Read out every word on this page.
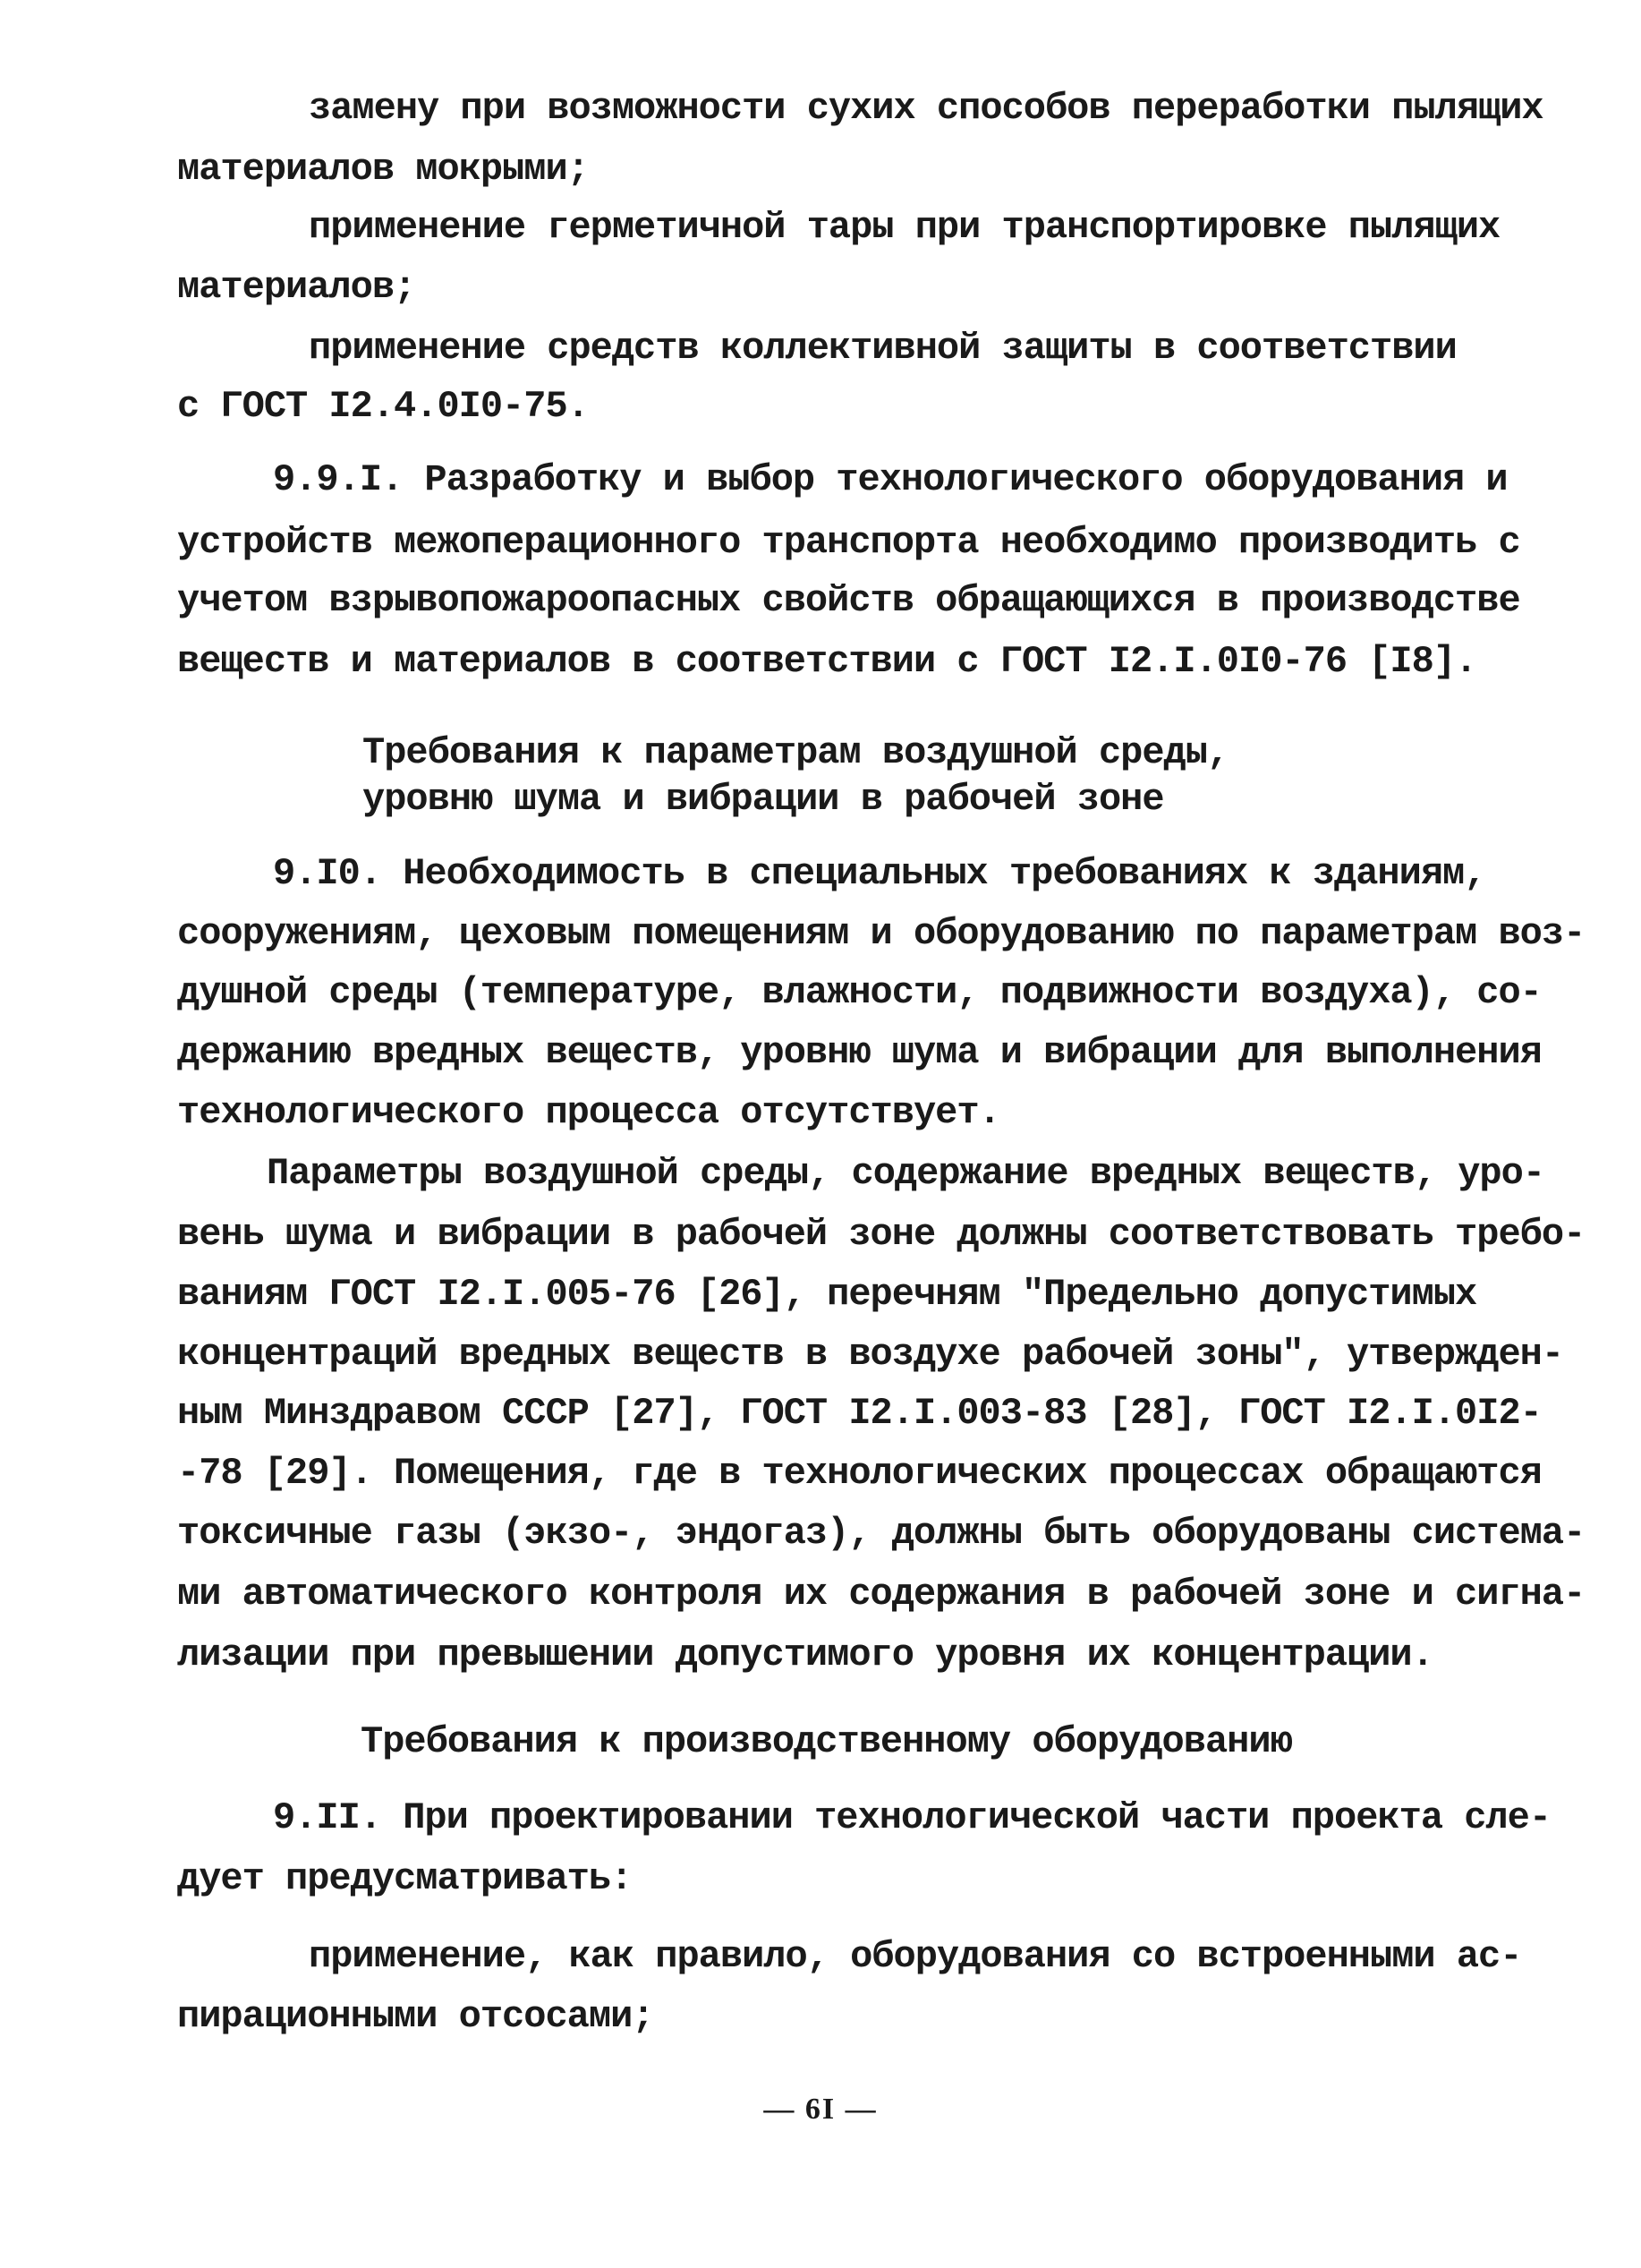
замену при возможности сухих способов переработки пылящих
материалов мокрыми;
применение герметичной тары при транспортировке пылящих
материалов;
применение средств коллективной защиты в соответствии
с ГОСТ I2.4.0I0-75.
9.9.I. Разработку и выбор технологического оборудования и
устройств межоперационного транспорта необходимо производить с
учетом взрывопожароопасных свойств обращающихся в производстве
веществ и материалов в соответствии с ГОСТ I2.I.0I0-76 [I8].
Требования к параметрам воздушной среды,
уровню шума и вибрации в рабочей зоне
9.I0. Необходимость в специальных требованиях к зданиям,
сооружениям, цеховым помещениям и оборудованию по параметрам воз-
душной среды (температуре, влажности, подвижности воздуха), со-
держанию вредных веществ, уровню шума и вибрации для выполнения
технологического процесса отсутствует.
Параметры воздушной среды, содержание вредных веществ, уро-
вень шума и вибрации в рабочей зоне должны соответствовать требо-
ваниям ГОСТ I2.I.005-76 [26], перечням "Предельно допустимых
концентраций вредных веществ в воздухе рабочей зоны", утвержден-
ным Минздравом СССР [27], ГОСТ I2.I.003-83 [28], ГОСТ I2.I.0I2-
-78 [29]. Помещения, где в технологических процессах обращаются
токсичные газы (экзо-, эндогаз), должны быть оборудованы система-
ми автоматического контроля их содержания в рабочей зоне и сигна-
лизации при превышении допустимого уровня их концентрации.
Требования к производственному оборудованию
9.II. При проектировании технологической части проекта сле-
дует предусматривать:
применение, как правило, оборудования со встроенными ас-
пирационными отсосами;
— 6I —
